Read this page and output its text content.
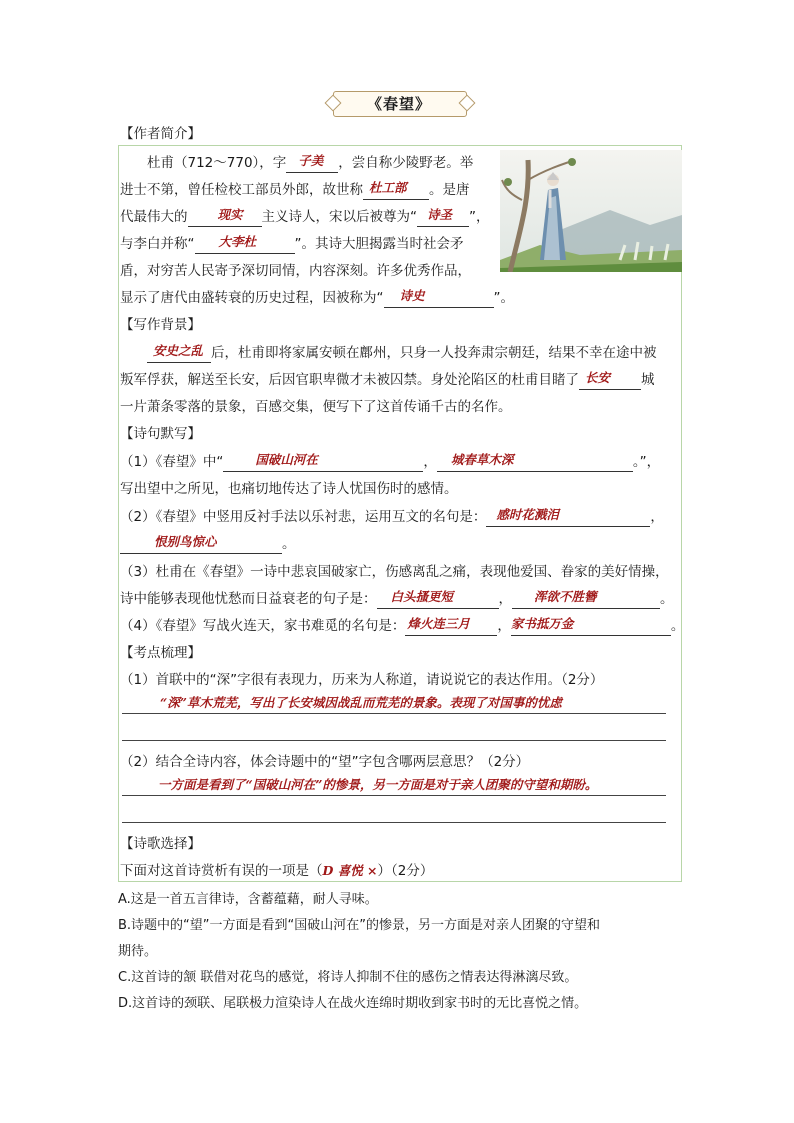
《春望》
【作者简介】
杜甫（712～770），字 子美 ，尝自称少陵野老。举
进士不第，曾任检校工部员外郎，故世称 杜工部 。是唐
代最伟大的 现实 主义诗人，宋以后被尊为“ 诗圣 ”，
与李白并称“ 大李杜	”。其诗大胆揭露当时社会矛
盾，对穷苦人民寄予深切同情，内容深刻。许多优秀作品，
显示了唐代由盛转衰的历史过程，因被称为“ 诗史	”。
【写作背景】
安史之乱 后，杜甫即将家属安顿在鄜州，只身一人投奔肃宗朝廷，结果不幸在途中被
叛军俘获，解送至长安，后因官职卑微才未被囚禁。身处沦陷区的杜甫目睹了 长安 城
一片萧条零落的景象，百感交集，便写下了这首传诵千古的名作。
【诗句默写】
（1）《春望》中“	国破山河在	， 城春草木深	。”，
写出望中之所见，也痛切地传达了诗人忧国伤时的感情。
（2）《春望》中竖用反衬手法以乐衬悲，运用互文的名句是： 感时花溅泪	，
恨别鸟惊心	。
（3）杜甫在《春望》一诗中悲哀国破家亡，伤感离乱之痛，表现他爱国、眷家的美好情操，
诗中能够表现他忧愁而日益衰老的句子是： 白头搔更短	， 浑欲不胜簪	。
（4）《春望》写战火连天，家书难觅的名句是： 烽火连三月 ， 家书抵万金	。
【考点梳理】
（1）首联中的“深”字很有表现力，历来为人称道，请说说它的表达作用。（2分）
“深”草木荒芜，写出了长安城因战乱而荒芜的景象。表现了对国事的忧虑
（2）结合全诗内容，体会诗题中的“望”字包含哪两层意思？（2分）
一方面是看到了“国破山河在”的惨景，另一方面是对于亲人团聚的守望和期盼。
【诗歌选择】
下面对这首诗赏析有误的一项是（D 喜悦 ×）（2分）
A.这是一首五言律诗，含蓄蕴藉，耐人寻味。
B.诗题中的“望”一方面是看到“国破山河在”的惨景，另一方面是对亲人团聚的守望和
期待。
C.这首诗的颔 联借对花鸟的感觉，将诗人抑制不住的感伤之情表达得淋漓尽致。
D.这首诗的颈联、尾联极力渲染诗人在战火连绵时期收到家书时的无比喜悦之情。
